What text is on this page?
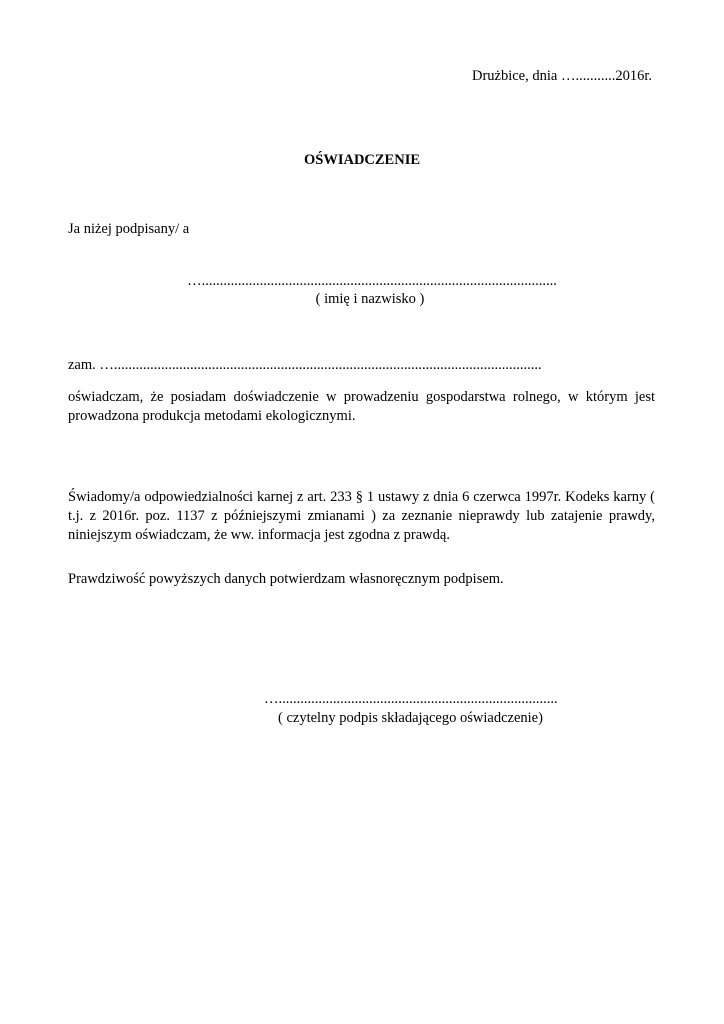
Drużbice, dnia …...........2016r.
OŚWIADCZENIE
Ja niżej podpisany/ a
…..................................................................................................
( imię i nazwisko )
zam. …......................................................................................................................
oświadczam, że posiadam doświadczenie w prowadzeniu gospodarstwa rolnego, w którym jest prowadzona produkcja metodami ekologicznymi.
Świadomy/a odpowiedzialności karnej z art. 233 § 1 ustawy z dnia 6 czerwca 1997r. Kodeks karny ( t.j. z 2016r. poz. 1137 z późniejszymi zmianami ) za zeznanie nieprawdy lub zatajenie prawdy, niniejszym oświadczam, że ww. informacja jest zgodna z prawdą.
Prawdziwość powyższych danych potwierdzam własnoręcznym podpisem.
….............................................................................
( czytelny podpis składającego oświadczenie)
